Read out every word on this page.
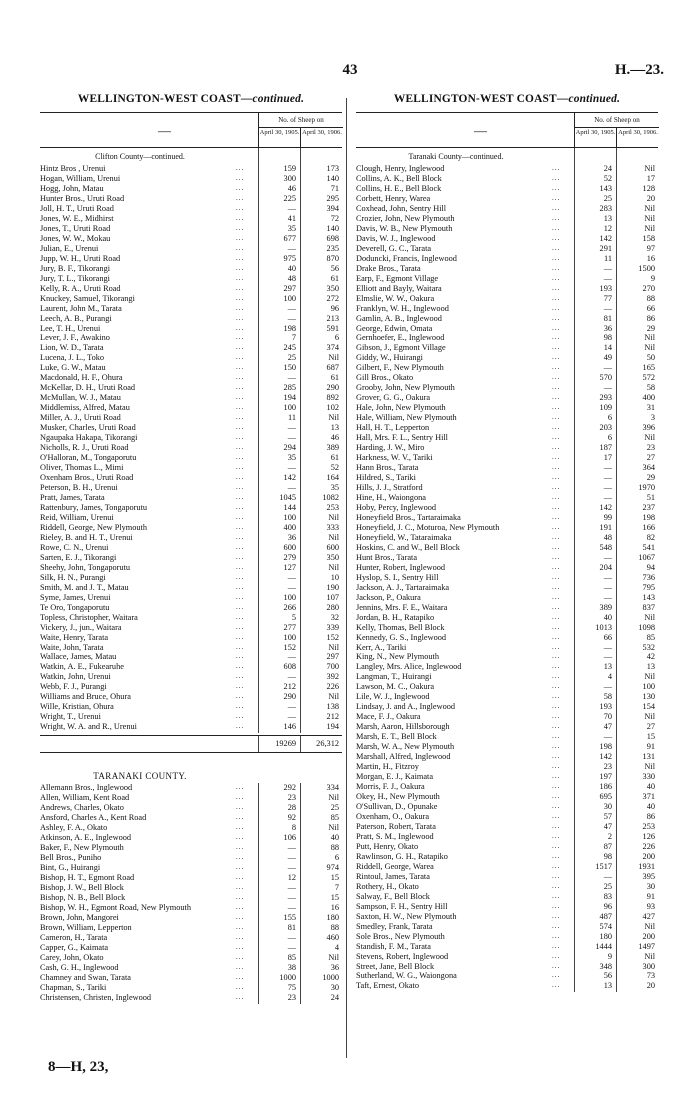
43	H.—23.
WELLINGTON-WEST COAST—continued.
—
No. of Sheep on
April 30, 1905. April 30, 1906.
Clifton County—continued.
Hintz Bros , Urenui	159	173
...
Hogan, William, Urenui	300	140
...
Hogg, John, Matau	46	71
...
Hunter Bros., Uruti Road	225	295
...
Joll, H. T., Uruti Road	—	394
...
Jones, W. E., Midhirst	41	72
...
Jones, T., Uruti Road	35	140
...
Jones, W. W., Mokau	677	698
...
Julian, E., Urenui	—	235
...
Jupp, W. H., Uruti Road	975	870
...
Jury, B. F., Tikorangi	40	56
...
Jury, T. L., Tikorangi	48	61
...
Kelly, R. A., Uruti Road	297	350
...
Knuckey, Samuel, Tikorangi	100	272
...
Laurent, John M., Tarata	—	96
...
Leech, A. B., Purangi	—	213
...
Lee, T. H., Urenui	198	591
...
Lever, J. F., Awakino	7	6
...
Lion, W. D., Tarata	245	374
...
Lucena, J. L., Toko	25	Nil
...
Luke, G. W., Matau	150	687
...
Macdonald, H. F., Ohura	—	61
...
McKellar, D. H., Uruti Road	285	290
...
McMullan, W. J., Matau	194	892
...
Middlemiss, Alfred, Matau	100	102
...
Miller, A. J., Uruti Road	11	Nil
...
Musker, Charles, Uruti Road	—	13
...
Ngaupaka Hakapa, Tikorangi	—	46
...
Nicholls, R. J., Uruti Road	294	389
...
O'Halloran, M., Tongaporutu	35	61
...
Oliver, Thomas L., Mimi	—	52
...
Oxenham Bros., Uruti Road	142	164
...
Peterson, B. H., Urenui	—	35
...
Pratt, James, Tarata	1045	1082
...
Rattenbury, James, Tongaporutu	144	253
...
Reid, William, Urenui	100	Nil
...
Riddell, George, New Plymouth	400	333
...
Rieley, B. and H. T., Urenui	36	Nil
...
Rowe, C. N., Urenui	600	600
...
Sarten, E. J., Tikorangi	279	350
...
Sheehy, John, Tongaporutu	127	Nil
...
Silk, H. N., Purangi	—	10
...
Smith, M. and J. T., Matau	—	190
...
Syme, James, Urenui	100	107
...
Te Oro, Tongaporutu	266	280
...
Topless, Christopher, Waitara	5	32
...
Vickery, J., jun., Waitara	277	339
...
Waite, Henry, Tarata	100	152
...
Waite, John, Tarata	152	Nil
...
Wallace, James, Matau	—	297
...
Watkin, A. E., Fukearuhe	608	700
...
Watkin, John, Urenui	—	392
...
Webb, F. J., Purangi	212	226
...
Williams and Bruce, Ohura	290	Nil
...
Wille, Kristian, Ohura	—	138
...
Wright, T., Urenui	—	212
...
Wright, W. A. and R., Urenui	146	194
...
19269	26,312
TARANAKI COUNTY.
Allemann Bros., Inglewood	292	334
...
Allen, William, Kent Road	23	Nil
...
Andrews, Charles, Okato	28	25
...
Ansford, Charles A., Kent Road	92	85
...
Ashley, F. A., Okato	8	Nil
...
Atkinson, A. E., Inglewood	106	40
...
Baker, F., New Plymouth	—	88
...
Bell Bros., Puniho	—	6
...
Bint, G., Huirangi	—	974
...
Bishop, H. T., Egmont Road	12	15
...
Bishop, J. W., Bell Block	—	7
...
Bishop, N. B., Bell Block	—	15
...
Bishop, W. H., Egmont Road, New Plymouth	—	16
...
Brown, John, Mangorei	155	180
...
Brown, William, Lepperton	81	88
...
Cameron, H., Tarata	—	460
...
Capper, G., Kaimata	—	4
...
Carey, John, Okato	85	Nil
...
Cash, G. H., Inglewood	38	36
...
Chamney and Swan, Tarata	1000	1000
...
Chapman, S., Tariki	75	30
...
Christensen, Christen, Inglewood	23	24
...
WELLINGTON-WEST COAST—continued.
—
No. of Sheep on
April 30, 1905. April 30, 1906.
Taranaki County—continued.
Clough, Henry, Inglewood	24	Nil
...
Collins, A. K., Bell Block	52	17
...
Collins, H. E., Bell Block	143	128
...
Corbett, Henry, Warea	25	20
...
Coxhead, John, Sentry Hill	283	Nil
...
Crozier, John, New Plymouth	13	Nil
...
Davis, W. B., New Plymouth	12	Nil
...
Davis, W. J., Inglewood	142	158
...
Deverell, G. C., Tarata	291	97
...
Doduncki, Francis, Inglewood	11	16
...
Drake Bros., Tarata	—	1500
...
Earp, F., Egmont Village	—	9
...
Elliott and Bayly, Waitara	193	270
...
Elmslie, W. W., Oakura	77	88
...
Franklyn, W. H., Inglewood	—	66
...
Gamlin, A. B., Inglewood	81	86
...
George, Edwin, Omata	36	29
...
Gernhoefer, E., Inglewood	98	Nil
...
Gibson, J., Egmont Village	14	Nil
...
Giddy, W., Huirangi	49	50
...
Gilbert, F., New Plymouth	—	165
...
Gill Bros., Okato	570	572
...
Grooby, John, New Plymouth	—	58
...
Grover, G. G., Oakura	293	400
...
Hale, John, New Plymouth	109	31
...
Hale, William, New Plymouth	6	3
...
Hall, H. T., Lepperton	203	396
...
Hall, Mrs. F. L., Sentry Hill	6	Nil
...
Harding, J. W., Miro	187	23
...
Harkness, W. V., Tariki	17	27
...
Hann Bros., Tarata	—	364
...
Hildred, S., Tariki	—	29
...
Hills, J. J., Stratford	—	1970
...
Hine, H., Waiongona	—	51
...
Hoby, Percy, Inglewood	142	237
...
Honeyfield Bros., Tartaraimaka	99	198
...
Honeyfield, J. C., Moturoa, New Plymouth	191	166
...
Honeyfield, W., Tataraimaka	48	82
...
Hoskins, C. and W., Bell Block	548	541
...
Hunt Bros., Tarata	—	1067
...
Hunter, Robert, Inglewood	204	94
...
Hyslop, S. I., Sentry Hill	—	736
...
Jackson, A. J., Tartaraimaka	—	795
...
Jackson, P., Oakura	—	143
...
Jennins, Mrs. F. E., Waitara	389	837
...
Jordan, B. H., Ratapiko	40	Nil
...
Kelly, Thomas, Bell Block	1013	1098
...
Kennedy, G. S., Inglewood	66	85
...
Kerr, A., Tariki	—	532
...
King, N., New Plymouth	—	42
...
Langley, Mrs. Alice, Inglewood	13	13
...
Langman, T., Huirangi	4	Nil
...
Lawson, M. C., Oakura	—	100
...
Lile, W. J., Inglewood	58	130
...
Lindsay, J. and A., Inglewood	193	154
...
Mace, F. J., Oakura	70	Nil
...
Marsh, Aaron, Hillsborough	47	27
...
Marsh, E. T., Bell Block	—	15
...
Marsh, W. A., New Plymouth	198	91
...
Marshall, Alfred, Inglewood	142	131
...
Martin, H., Fitzroy	23	Nil
...
Morgan, E. J., Kaimata	197	330
...
Morris, F. J., Oakura	186	40
...
Okey, H., New Plymouth	695	371
...
O'Sullivan, D., Opunake	30	40
...
Oxenham, O., Oakura	57	86
...
Paterson, Robert, Tarata	47	253
...
Pratt, S. M., Inglewood	2	126
...
Putt, Henry, Okato	87	226
...
Rawlinson, G. H., Ratapiko	98	200
...
Riddell, George, Warea	1517	1931
...
Rintoul, James, Tarata	—	395
...
Rothery, H., Okato	25	30
...
Salway, F., Bell Block	83	91
...
Sampson, F. H., Sentry Hill	96	93
...
Saxton, H. W., New Plymouth	487	427
...
Smedley, Frank, Tarata	574	Nil
...
Sole Bros., New Plymouth	180	200
...
Standish, F. M., Tarata	1444	1497
...
Stevens, Robert, Inglewood	9	Nil
...
Street, Jane, Bell Block	348	300
...
Sutherland, W. G., Waiongona	56	73
...
Taft, Ernest, Okato	13	20
...
8—H, 23,
